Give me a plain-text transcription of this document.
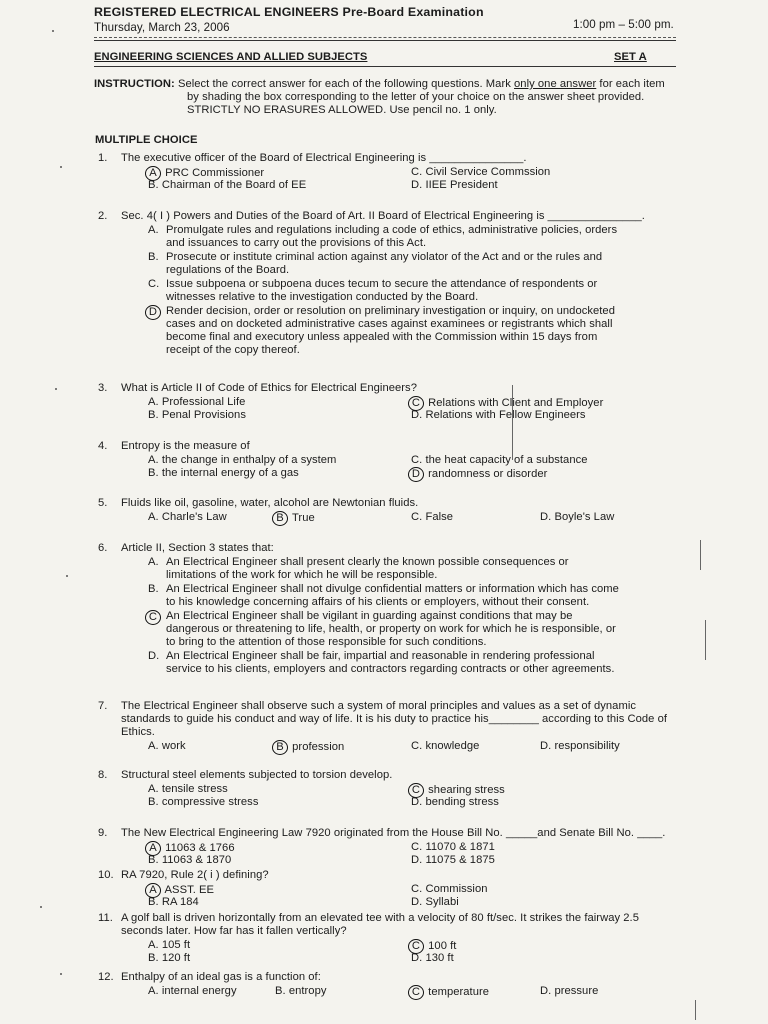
REGISTERED ELECTRICAL ENGINEERS Pre-Board Examination
Thursday, March 23, 2006	1:00 pm – 5:00 pm.
ENGINEERING SCIENCES AND ALLIED SUBJECTS	SET A
INSTRUCTION: Select the correct answer for each of the following questions. Mark only one answer for each item
by shading the box corresponding to the letter of your choice on the answer sheet provided.
STRICTLY NO ERASURES ALLOWED. Use pencil no. 1 only.
MULTIPLE CHOICE
1. The executive officer of the Board of Electrical Engineering is _______________.
A PRC Commissioner
B. Chairman of the Board of EE
C. Civil Service Commssion
D. IIEE President
2. Sec. 4( I ) Powers and Duties of the Board of Art. II Board of Electrical Engineering is _______________.
A. Promulgate rules and regulations including a code of ethics, administrative policies, orders
and issuances to carry out the provisions of this Act.
B. Prosecute or institute criminal action against any violator of the Act and or the rules and
regulations of the Board.
C. Issue subpoena or subpoena duces tecum to secure the attendance of respondents or
witnesses relative to the investigation conducted by the Board.
D Render decision, order or resolution on preliminary investigation or inquiry, on undocketed
cases and on docketed administrative cases against examinees or registrants which shall
become final and executory unless appealed with the Commission within 15 days from
receipt of the copy thereof.
3. What is Article II of Code of Ethics for Electrical Engineers?
A. Professional Life
B. Penal Provisions
C Relations with Client and Employer
D. Relations with Fellow Engineers
4. Entropy is the measure of
A. the change in enthalpy of a system
B. the internal energy of a gas
C. the heat capacity of a substance
D randomness or disorder
5. Fluids like oil, gasoline, water, alcohol are Newtonian fluids.
A. Charle's Law	B True	C. False	D. Boyle's Law
6. Article II, Section 3 states that:
A. An Electrical Engineer shall present clearly the known possible consequences or
limitations of the work for which he will be responsible.
B. An Electrical Engineer shall not divulge confidential matters or information which has come
to his knowledge concerning affairs of his clients or employers, without their consent.
C An Electrical Engineer shall be vigilant in guarding against conditions that may be
dangerous or threatening to life, health, or property on work for which he is responsible, or
to bring to the attention of those responsible for such conditions.
D. An Electrical Engineer shall be fair, impartial and reasonable in rendering professional
service to his clients, employers and contractors regarding contracts or other agreements.
7. The Electrical Engineer shall observe such a system of moral principles and values as a set of dynamic
standards to guide his conduct and way of life. It is his duty to practice his________ according to this Code of
Ethics.
A. work	B profession	C. knowledge	D. responsibility
8. Structural steel elements subjected to torsion develop.
A. tensile stress
B. compressive stress
C shearing stress
D. bending stress
9. The New Electrical Engineering Law 7920 originated from the House Bill No. _____and Senate Bill No. ____.
A 11063 & 1766
B. 11063 & 1870
C. 11070 & 1871
D. 11075 & 1875
10. RA 7920, Rule 2( i ) defining?
A ASST. EE
B. RA 184
C. Commission
D. Syllabi
11. A golf ball is driven horizontally from an elevated tee with a velocity of 80 ft/sec. It strikes the fairway 2.5
seconds later. How far has it fallen vertically?
A. 105 ft
B. 120 ft
C 100 ft
D. 130 ft
12. Enthalpy of an ideal gas is a function of:
A. internal energy	B. entropy	C temperature	D. pressure
